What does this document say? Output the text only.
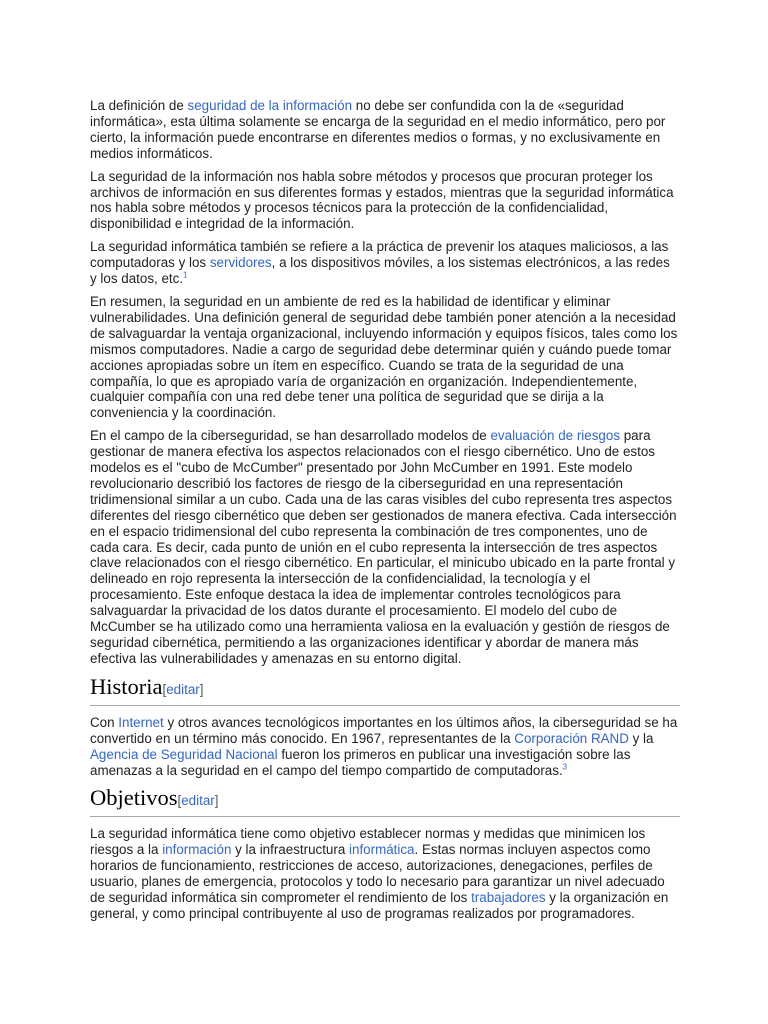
La definición de seguridad de la información no debe ser confundida con la de «seguridad informática», esta última solamente se encarga de la seguridad en el medio informático, pero por cierto, la información puede encontrarse en diferentes medios o formas, y no exclusivamente en medios informáticos.

La seguridad de la información nos habla sobre métodos y procesos que procuran proteger los archivos de información en sus diferentes formas y estados, mientras que la seguridad informática nos habla sobre métodos y procesos técnicos para la protección de la confidencialidad, disponibilidad e integridad de la información.

La seguridad informática también se refiere a la práctica de prevenir los ataques maliciosos, a las computadoras y los servidores, a los dispositivos móviles, a los sistemas electrónicos, a las redes y los datos, etc.$^1$

En resumen, la seguridad en un ambiente de red es la habilidad de identificar y eliminar vulnerabilidades. Una definición general de seguridad debe también poner atención a la necesidad de salvaguardar la ventaja organizacional, incluyendo información y equipos físicos, tales como los mismos computadores. Nadie a cargo de seguridad debe determinar quién y cuándo puede tomar acciones apropiadas sobre un ítem en específico. Cuando se trata de la seguridad de una compañía, lo que es apropiado varía de organización en organización. Independientemente, cualquier compañía con una red debe tener una política de seguridad que se dirija a la conveniencia y la coordinación.

En el campo de la ciberseguridad, se han desarrollado modelos de evaluación de riesgos para gestionar de manera efectiva los aspectos relacionados con el riesgo cibernético. Uno de estos modelos es el "cubo de McCumber" presentado por John McCumber en 1991. Este modelo revolucionario describió los factores de riesgo de la ciberseguridad en una representación tridimensional similar a un cubo. Cada una de las caras visibles del cubo representa tres aspectos diferentes del riesgo cibernético que deben ser gestionados de manera efectiva. Cada intersección en el espacio tridimensional del cubo representa la combinación de tres componentes, uno de cada cara. Es decir, cada punto de unión en el cubo representa la intersección de tres aspectos clave relacionados con el riesgo cibernético. En particular, el minicubo ubicado en la parte frontal y delineado en rojo representa la intersección de la confidencialidad, la tecnología y el procesamiento. Este enfoque destaca la idea de implementar controles tecnológicos para salvaguardar la privacidad de los datos durante el procesamiento. El modelo del cubo de McCumber se ha utilizado como una herramienta valiosa en la evaluación y gestión de riesgos de seguridad cibernética, permitiendo a las organizaciones identificar y abordar de manera más efectiva las vulnerabilidades y amenazas en su entorno digital.

Historia[editar]

Con Internet y otros avances tecnológicos importantes en los últimos años, la ciberseguridad se ha convertido en un término más conocido. En 1967, representantes de la Corporación RAND y la Agencia de Seguridad Nacional fueron los primeros en publicar una investigación sobre las amenazas a la seguridad en el campo del tiempo compartido de computadoras.$^3$

Objetivos[editar]

La seguridad informática tiene como objetivo establecer normas y medidas que minimicen los riesgos a la información y la infraestructura informática. Estas normas incluyen aspectos como horarios de funcionamiento, restricciones de acceso, autorizaciones, denegaciones, perfiles de usuario, planes de emergencia, protocolos y todo lo necesario para garantizar un nivel adecuado de seguridad informática sin comprometer el rendimiento de los trabajadores y la organización en general, y como principal contribuyente al uso de programas realizados por programadores.
